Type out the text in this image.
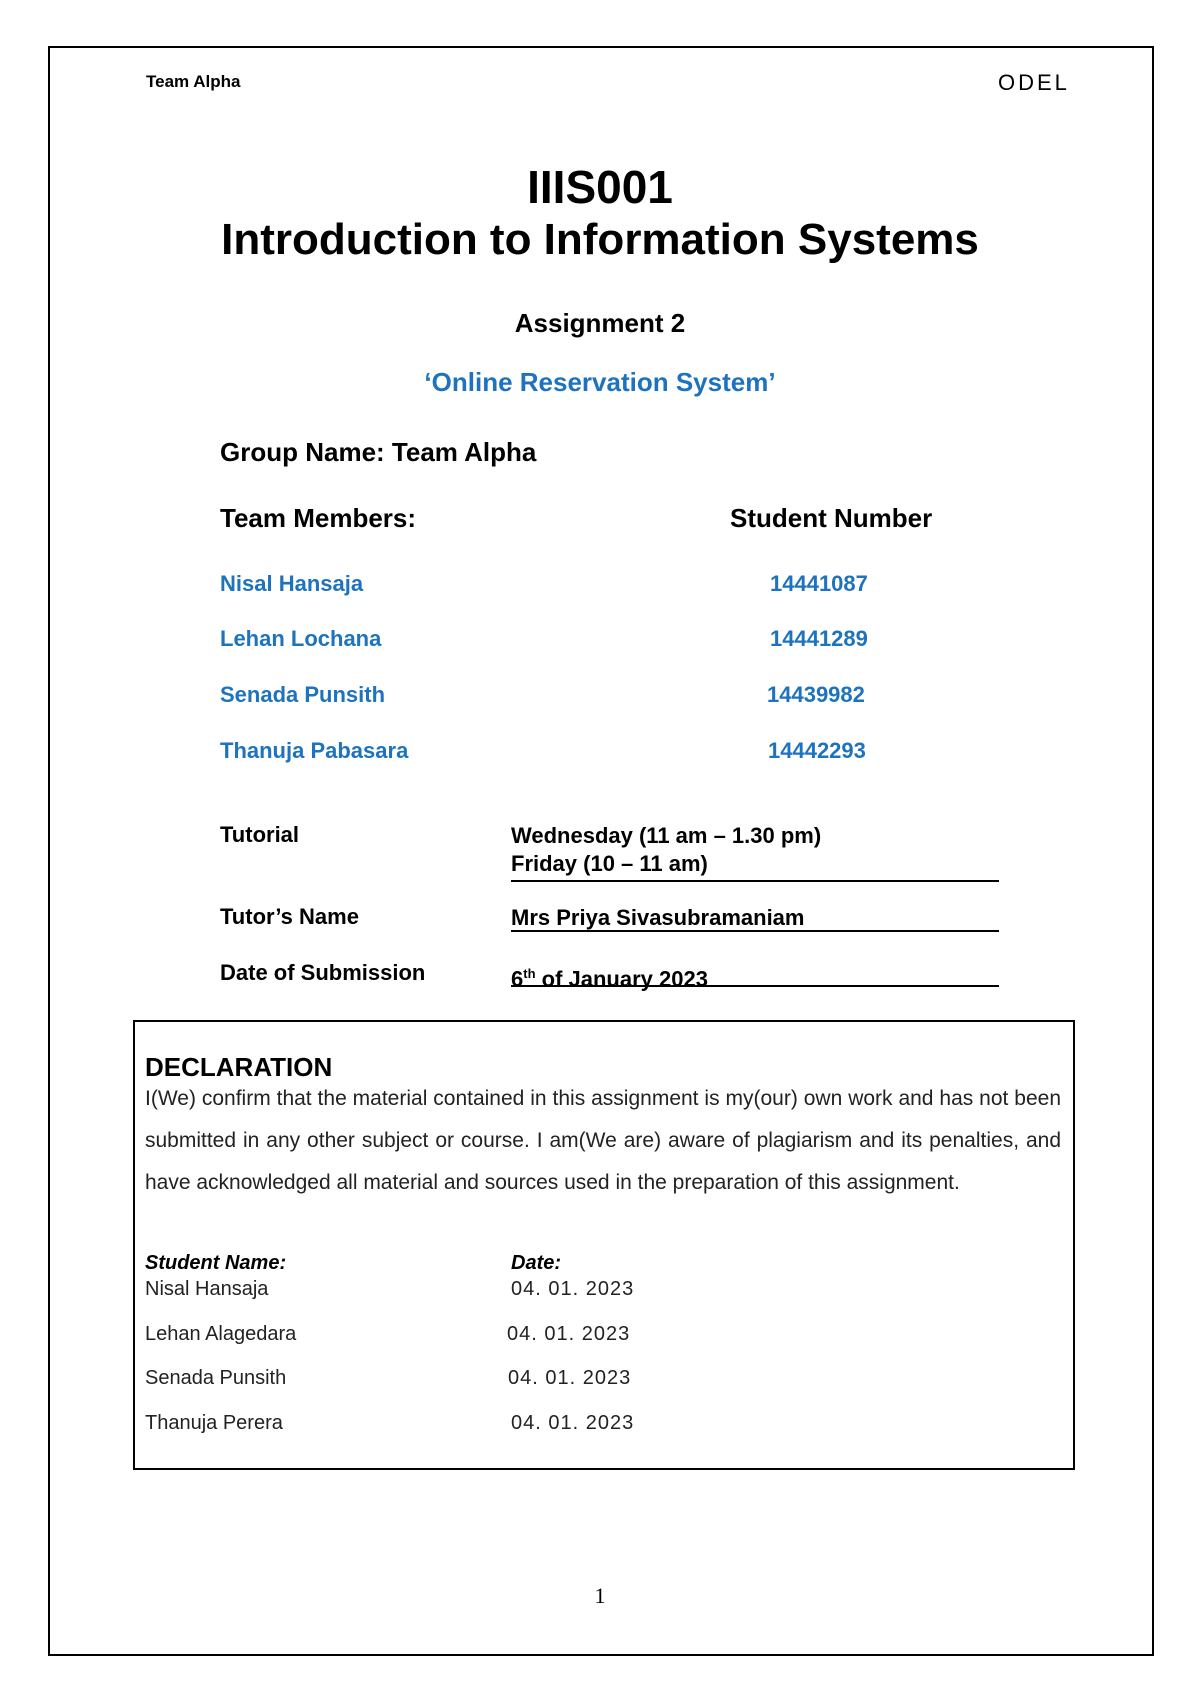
Team Alpha	ODEL
IIIS001
Introduction to Information Systems
Assignment 2
‘Online Reservation System’
Group Name: Team Alpha
Team Members:	Student Number
Nisal Hansaja	14441087
Lehan Lochana	14441289
Senada Punsith	14439982
Thanuja Pabasara	14442293
Tutorial	Wednesday (11 am – 1.30 pm)
Friday (10 – 11 am)
Tutor’s Name	Mrs Priya Sivasubramaniam
Date of Submission	6th of January 2023
DECLARATION
I(We) confirm that the material contained in this assignment is my(our) own work and has not been submitted in any other subject or course. I am(We are) aware of plagiarism and its penalties, and have acknowledged all material and sources used in the preparation of this assignment.
Student Name:	Date:
Nisal Hansaja	04. 01. 2023
Lehan Alagedara	04. 01. 2023
Senada Punsith	04. 01. 2023
Thanuja Perera	04. 01. 2023
1
